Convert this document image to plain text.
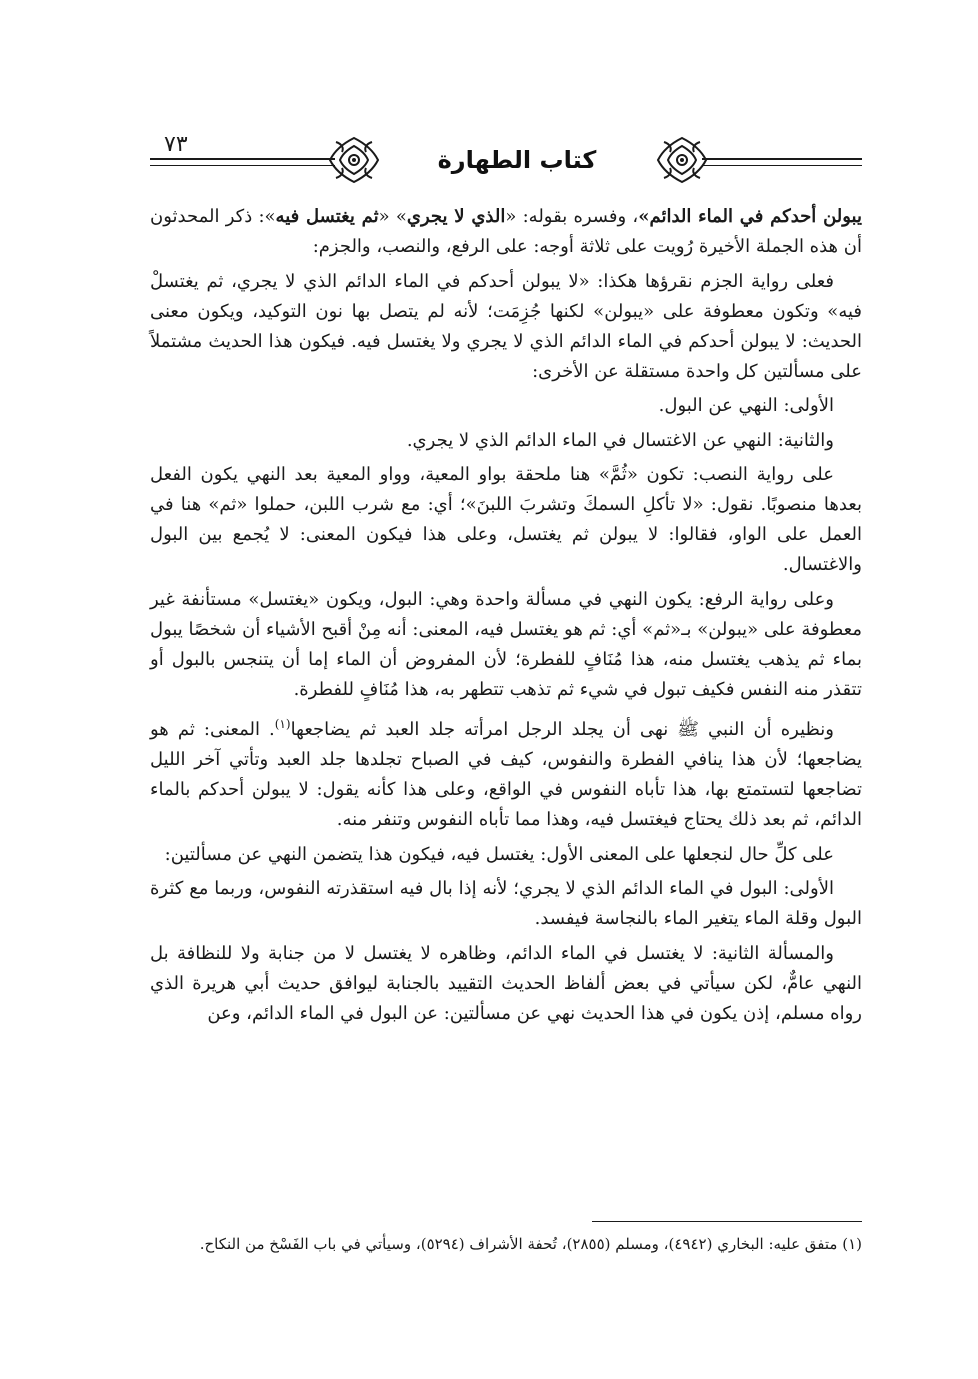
٧٣
كتاب الطهارة

يبولن أحدكم في الماء الدائم»، وفسره بقوله: «الذي لا يجري» «ثم يغتسل فيه»: ذكر المحدثون أن هذه الجملة الأخيرة رُويت على ثلاثة أوجه: على الرفع، والنصب، والجزم:

فعلى رواية الجزم نقرؤها هكذا: «لا يبولن أحدكم في الماء الدائم الذي لا يجري، ثم يغتسلْ فيه» وتكون معطوفة على «يبولن» لكنها جُزِمَت؛ لأنه لم يتصل بها نون التوكيد، ويكون معنى الحديث: لا يبولن أحدكم في الماء الدائم الذي لا يجري ولا يغتسل فيه. فيكون هذا الحديث مشتملاً على مسألتين كل واحدة مستقلة عن الأخرى:

الأولى: النهي عن البول.

والثانية: النهي عن الاغتسال في الماء الدائم الذي لا يجري.

على رواية النصب: تكون «ثُمَّ» هنا ملحقة بواو المعية، وواو المعية بعد النهي يكون الفعل بعدها منصوبًا. نقول: «لا تأكلِ السمكَ وتشربَ اللبنَ»؛ أي: مع شرب اللبن، حملوا «ثم» هنا في العمل على الواو، فقالوا: لا يبولن ثم يغتسل، وعلى هذا فيكون المعنى: لا يُجمع بين البول والاغتسال.

وعلى رواية الرفع: يكون النهي في مسألة واحدة وهي: البول، ويكون «يغتسل» مستأنفة غير معطوفة على «يبولن» بـ«ثم» أي: ثم هو يغتسل فيه، المعنى: أنه مِنْ أقبح الأشياء أن شخصًا يبول بماء ثم يذهب يغتسل منه، هذا مُنَافٍ للفطرة؛ لأن المفروض أن الماء إما أن يتنجس بالبول أو تتقذر منه النفس فكيف تبول في شيء ثم تذهب تتطهر به، هذا مُنَافٍ للفطرة.

ونظيره أن النبي ﷺ نهى أن يجلد الرجل امرأته جلد العبد ثم يضاجعها$^{(١)}$. المعنى: ثم هو يضاجعها؛ لأن هذا ينافي الفطرة والنفوس، كيف في الصباح تجلدها جلد العبد وتأتي آخر الليل تضاجعها لتستمتع بها، هذا تأباه النفوس في الواقع، وعلى هذا كأنه يقول: لا يبولن أحدكم بالماء الدائم، ثم بعد ذلك يحتاج فيغتسل فيه، وهذا مما تأباه النفوس وتنفر منه.

على كلِّ حال لنجعلها على المعنى الأول: يغتسل فيه، فيكون هذا يتضمن النهي عن مسألتين:

الأولى: البول في الماء الدائم الذي لا يجري؛ لأنه إذا بال فيه استقذرته النفوس، وربما مع كثرة البول وقلة الماء يتغير الماء بالنجاسة فيفسد.

والمسألة الثانية: لا يغتسل في الماء الدائم، وظاهره لا يغتسل لا من جنابة ولا للنظافة بل النهي عامٌّ، لكن سيأتي في بعض ألفاظ الحديث التقييد بالجنابة ليوافق حديث أبي هريرة الذي رواه مسلم، إذن يكون في هذا الحديث نهي عن مسألتين: عن البول في الماء الدائم، وعن

(١) متفق عليه: البخاري (٤٩٤٢)، ومسلم (٢٨٥٥)، تُحفة الأشراف (٥٢٩٤)، وسيأتي في باب الفَسْخ من النكاح.
